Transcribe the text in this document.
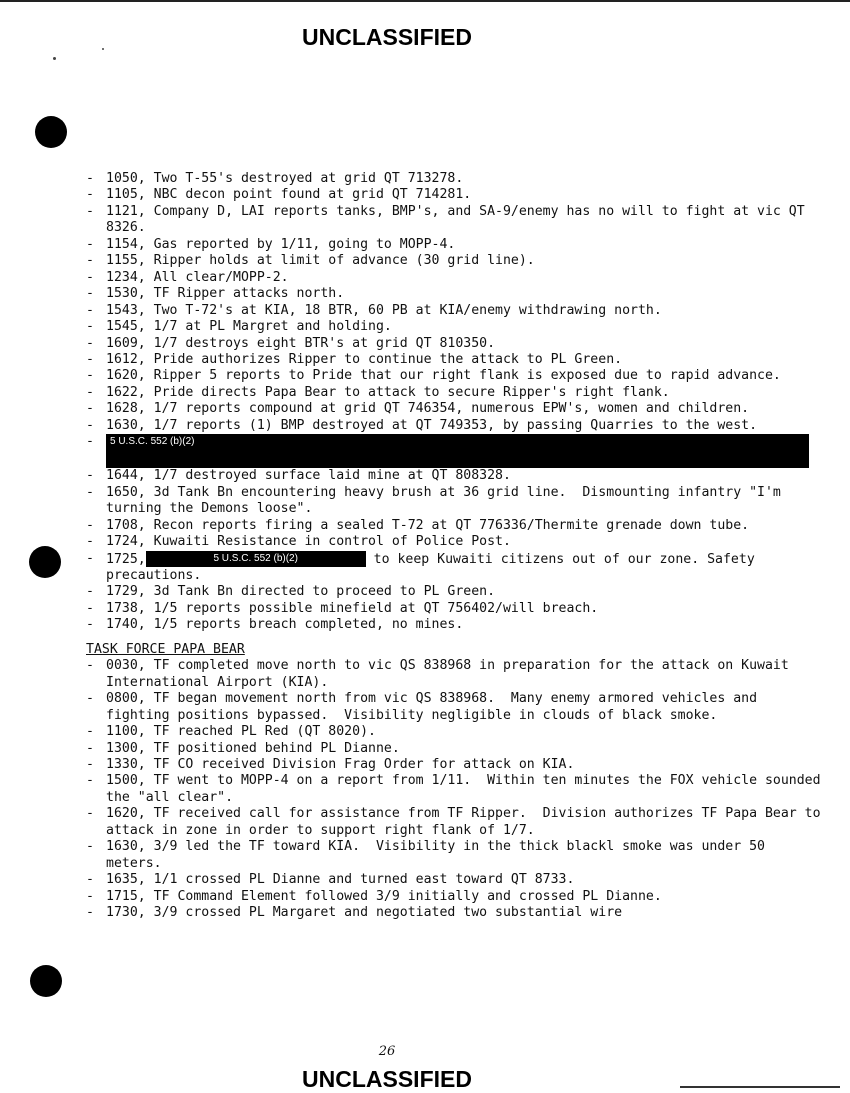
UNCLASSIFIED
- 1050, Two T-55's destroyed at grid QT 713278.
- 1105, NBC decon point found at grid QT 714281.
- 1121, Company D, LAI reports tanks, BMP's, and SA-9/enemy has no will to fight at vic QT 8326.
- 1154, Gas reported by 1/11, going to MOPP-4.
- 1155, Ripper holds at limit of advance (30 grid line).
- 1234, All clear/MOPP-2.
- 1530, TF Ripper attacks north.
- 1543, Two T-72's at KIA, 18 BTR, 60 PB at KIA/enemy withdrawing north.
- 1545, 1/7 at PL Margret and holding.
- 1609, 1/7 destroys eight BTR's at grid QT 810350.
- 1612, Pride authorizes Ripper to continue the attack to PL Green.
- 1620, Ripper 5 reports to Pride that our right flank is exposed due to rapid advance.
- 1622, Pride directs Papa Bear to attack to secure Ripper's right flank.
- 1628, 1/7 reports compound at grid QT 746354, numerous EPW's, women and children.
- 1630, 1/7 reports (1) BMP destroyed at QT 749353, by passing Quarries to the west.
-	5 U.S.C. 552 (b)(2)
- 1644, 1/7 destroyed surface laid mine at QT 808328.
- 1650, 3d Tank Bn encountering heavy brush at 36 grid line.  Dismounting infantry "I'm turning the Demons loose".
- 1708, Recon reports firing a sealed T-72 at QT 776336/Thermite grenade down tube.
- 1724, Kuwaiti Resistance in control of Police Post.
- 1725,	5 U.S.C. 552 (b)(2)	to keep Kuwaiti citizens out of our zone. Safety precautions.
- 1729, 3d Tank Bn directed to proceed to PL Green.
- 1738, 1/5 reports possible minefield at QT 756402/will breach.
- 1740, 1/5 reports breach completed, no mines.
TASK FORCE PAPA BEAR
- 0030, TF completed move north to vic QS 838968 in preparation for the attack on Kuwait International Airport (KIA).
- 0800, TF began movement north from vic QS 838968.  Many enemy armored vehicles and fighting positions bypassed.  Visibility negligible in clouds of black smoke.
- 1100, TF reached PL Red (QT 8020).
- 1300, TF positioned behind PL Dianne.
- 1330, TF CO received Division Frag Order for attack on KIA.
- 1500, TF went to MOPP-4 on a report from 1/11.  Within ten minutes the FOX vehicle sounded the "all clear".
- 1620, TF received call for assistance from TF Ripper.  Division authorizes TF Papa Bear to attack in zone in order to support right flank of 1/7.
- 1630, 3/9 led the TF toward KIA.  Visibility in the thick blackl smoke was under 50 meters.
- 1635, 1/1 crossed PL Dianne and turned east toward QT 8733.
- 1715, TF Command Element followed 3/9 initially and crossed PL Dianne.
- 1730, 3/9 crossed PL Margaret and negotiated two substantial wire
26
UNCLASSIFIED
